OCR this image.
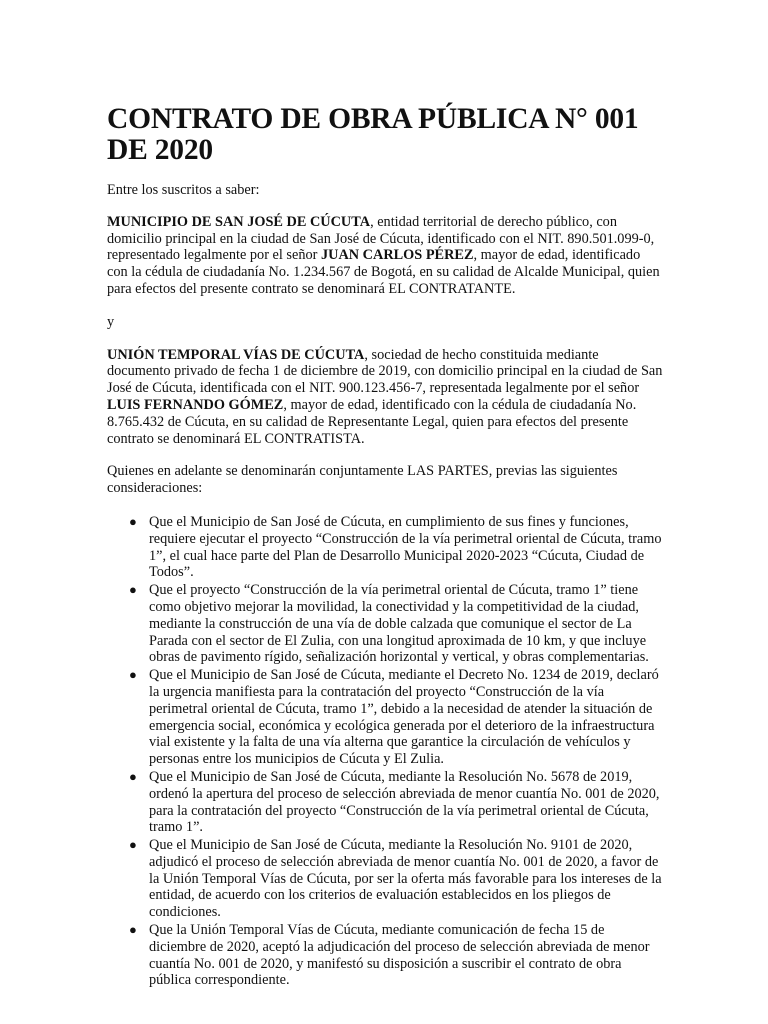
CONTRATO DE OBRA PÚBLICA N° 001 DE 2020

Entre los suscritos a saber:

MUNICIPIO DE SAN JOSÉ DE CÚCUTA, entidad territorial de derecho público, con domicilio principal en la ciudad de San José de Cúcuta, identificado con el NIT. 890.501.099-0, representado legalmente por el señor JUAN CARLOS PÉREZ, mayor de edad, identificado con la cédula de ciudadanía No. 1.234.567 de Bogotá, en su calidad de Alcalde Municipal, quien para efectos del presente contrato se denominará EL CONTRATANTE.

y

UNIÓN TEMPORAL VÍAS DE CÚCUTA, sociedad de hecho constituida mediante documento privado de fecha 1 de diciembre de 2019, con domicilio principal en la ciudad de San José de Cúcuta, identificada con el NIT. 900.123.456-7, representada legalmente por el señor LUIS FERNANDO GÓMEZ, mayor de edad, identificado con la cédula de ciudadanía No. 8.765.432 de Cúcuta, en su calidad de Representante Legal, quien para efectos del presente contrato se denominará EL CONTRATISTA.

Quienes en adelante se denominarán conjuntamente LAS PARTES, previas las siguientes consideraciones:

● Que el Municipio de San José de Cúcuta, en cumplimiento de sus fines y funciones, requiere ejecutar el proyecto “Construcción de la vía perimetral oriental de Cúcuta, tramo 1”, el cual hace parte del Plan de Desarrollo Municipal 2020-2023 “Cúcuta, Ciudad de Todos”.
● Que el proyecto “Construcción de la vía perimetral oriental de Cúcuta, tramo 1” tiene como objetivo mejorar la movilidad, la conectividad y la competitividad de la ciudad, mediante la construcción de una vía de doble calzada que comunique el sector de La Parada con el sector de El Zulia, con una longitud aproximada de 10 km, y que incluye obras de pavimento rígido, señalización horizontal y vertical, y obras complementarias.
● Que el Municipio de San José de Cúcuta, mediante el Decreto No. 1234 de 2019, declaró la urgencia manifiesta para la contratación del proyecto “Construcción de la vía perimetral oriental de Cúcuta, tramo 1”, debido a la necesidad de atender la situación de emergencia social, económica y ecológica generada por el deterioro de la infraestructura vial existente y la falta de una vía alterna que garantice la circulación de vehículos y personas entre los municipios de Cúcuta y El Zulia.
● Que el Municipio de San José de Cúcuta, mediante la Resolución No. 5678 de 2019, ordenó la apertura del proceso de selección abreviada de menor cuantía No. 001 de 2020, para la contratación del proyecto “Construcción de la vía perimetral oriental de Cúcuta, tramo 1”.
● Que el Municipio de San José de Cúcuta, mediante la Resolución No. 9101 de 2020, adjudicó el proceso de selección abreviada de menor cuantía No. 001 de 2020, a favor de la Unión Temporal Vías de Cúcuta, por ser la oferta más favorable para los intereses de la entidad, de acuerdo con los criterios de evaluación establecidos en los pliegos de condiciones.
● Que la Unión Temporal Vías de Cúcuta, mediante comunicación de fecha 15 de diciembre de 2020, aceptó la adjudicación del proceso de selección abreviada de menor cuantía No. 001 de 2020, y manifestó su disposición a suscribir el contrato de obra pública correspondiente.
